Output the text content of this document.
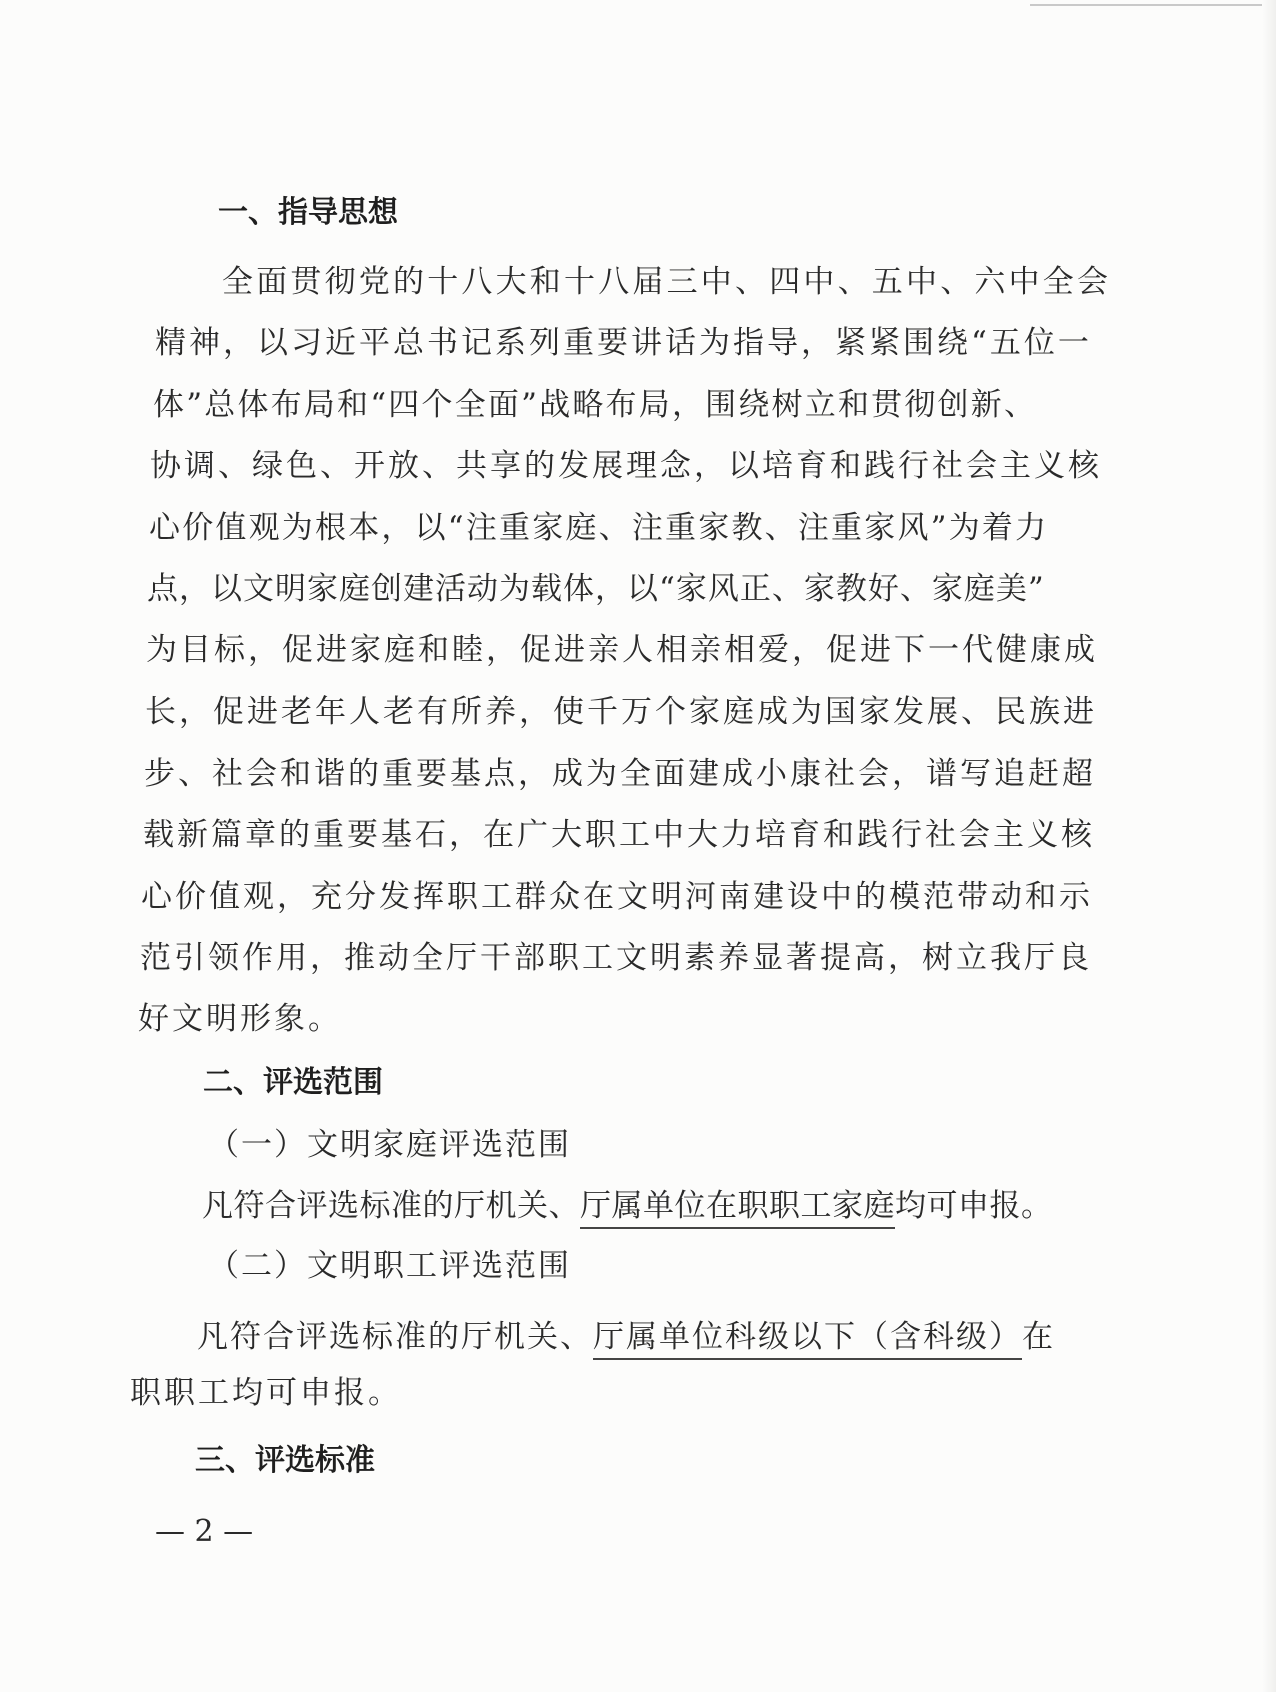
一、指导思想
全面贯彻党的十八大和十八届三中、四中、五中、六中全会
精神，以习近平总书记系列重要讲话为指导，紧紧围绕“五位一
体”总体布局和“四个全面”战略布局，围绕树立和贯彻创新、
协调、绿色、开放、共享的发展理念，以培育和践行社会主义核
心价值观为根本，以“注重家庭、注重家教、注重家风”为着力
点，以文明家庭创建活动为载体，以“家风正、家教好、家庭美”
为目标，促进家庭和睦，促进亲人相亲相爱，促进下一代健康成
长，促进老年人老有所养，使千万个家庭成为国家发展、民族进
步、社会和谐的重要基点，成为全面建成小康社会，谱写追赶超
载新篇章的重要基石，在广大职工中大力培育和践行社会主义核
心价值观，充分发挥职工群众在文明河南建设中的模范带动和示
范引领作用，推动全厅干部职工文明素养显著提高，树立我厅良
好文明形象。
二、评选范围
（一）文明家庭评选范围
凡符合评选标准的厅机关、厅属单位在职职工家庭均可申报。
（二）文明职工评选范围
凡符合评选标准的厅机关、厅属单位科级以下（含科级）在
职职工均可申报。
三、评选标准
— 2 —
